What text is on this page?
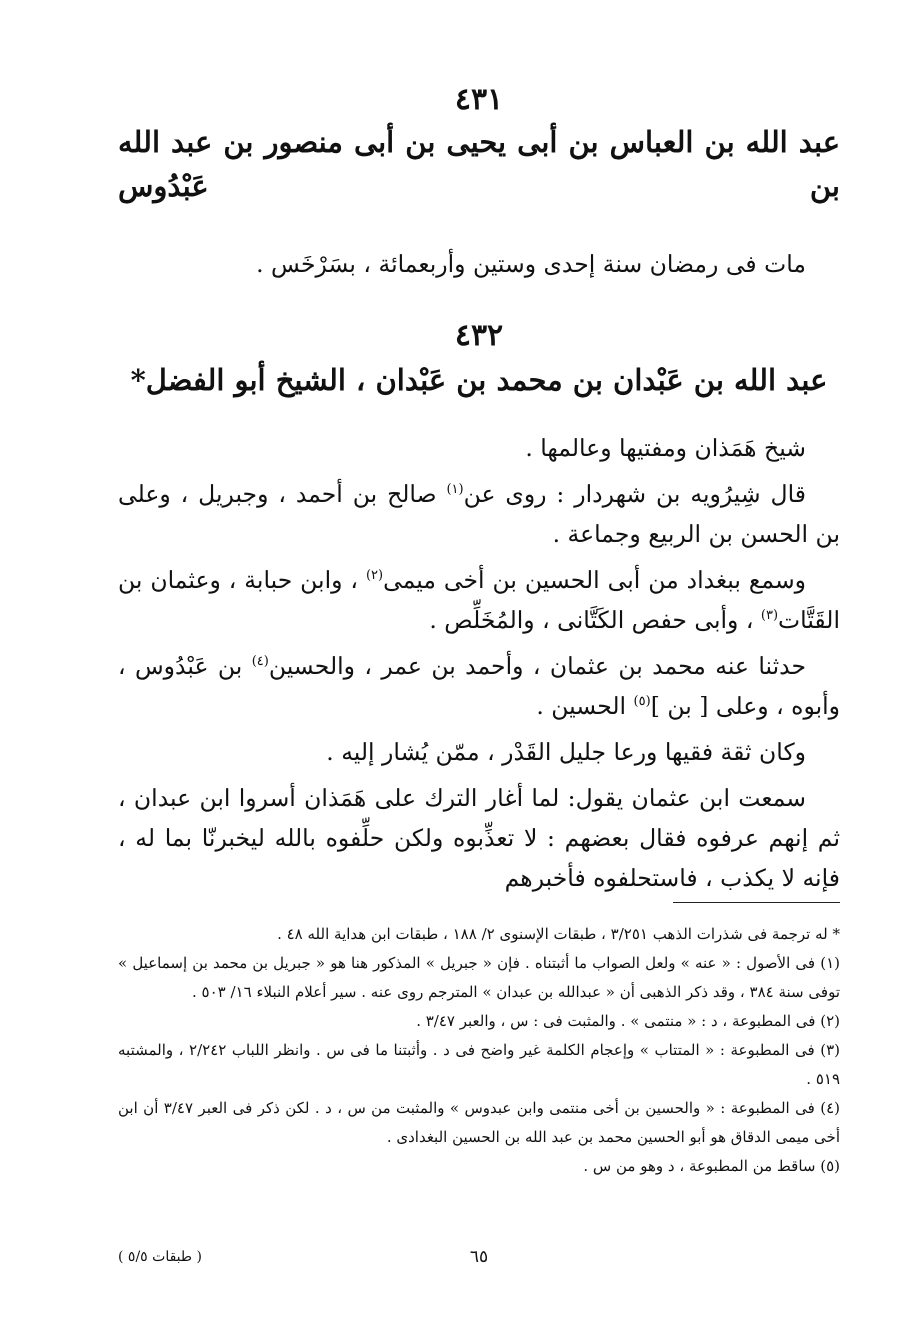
٤٣١

عبد الله بن العباس بن أبى يحيى بن أبى منصور بن عبد الله بن عَبْدُوس

مات فى رمضان سنة إحدى وستين وأربعمائة ، بسَرْخَس .

٤٣٢

عبد الله بن عَبْدان بن محمد بن عَبْدان ، الشيخ أبو الفضل*

شيخ هَمَذان ومفتيها وعالمها .

قال شِيرُويه بن شهردار : روى عن$^{(١)}$ صالح بن أحمد ، وجبريل ، وعلى بن الحسن بن الربيع وجماعة .

وسمع ببغداد من أبى الحسين بن أخى ميمى$^{(٢)}$ ، وابن حبابة ، وعثمان بن القَتَّات$^{(٣)}$ ، وأبى حفص الكَتَّانى ، والمُخَلِّص .

حدثنا عنه محمد بن عثمان ، وأحمد بن عمر ، والحسين$^{(٤)}$ بن عَبْدُوس ، وأبوه ، وعلى [ بن ]$^{(٥)}$ الحسين .

وكان ثقة فقيها ورعا جليل القَدْر ، ممّن يُشار إليه .

سمعت ابن عثمان يقول: لما أغار الترك على هَمَذان أسروا ابن عبدان ، ثم إنهم عرفوه فقال بعضهم : لا تعذِّبوه ولكن حلِّفوه بالله ليخبرنّا بما له ، فإنه لا يكذب ، فاستحلفوه فأخبرهم

* له ترجمة فى شذرات الذهب ٣/٢٥١ ، طبقات الإسنوى ٢/ ١٨٨ ، طبقات ابن هداية الله ٤٨ .

(١) فى الأصول : « عنه » ولعل الصواب ما أثبتناه . فإن « جبريل » المذكور هنا هو « جبريل بن محمد بن إسماعيل » توفى سنة ٣٨٤ ، وقد ذكر الذهبى أن « عبدالله بن عبدان » المترجم روى عنه . سير أعلام النبلاء ١٦/ ٥٠٣ .

(٢) فى المطبوعة ، د : « منتمى » . والمثبت فى : س ، والعبر ٣/٤٧ .

(٣) فى المطبوعة : « المتتاب » وإعجام الكلمة غير واضح فى د . وأثبتنا ما فى س . وانظر اللباب ٢/٢٤٢ ، والمشتبه ٥١٩ .

(٤) فى المطبوعة : « والحسين بن أخى منتمى وابن عبدوس » والمثبت من س ، د . لكن ذكر فى العبر ٣/٤٧ أن ابن أخى ميمى الدقاق هو أبو الحسين محمد بن عبد الله بن الحسين البغدادى .

(٥) ساقط من المطبوعة ، د وهو من س .

٦٥

( طبقات ٥/٥ )
